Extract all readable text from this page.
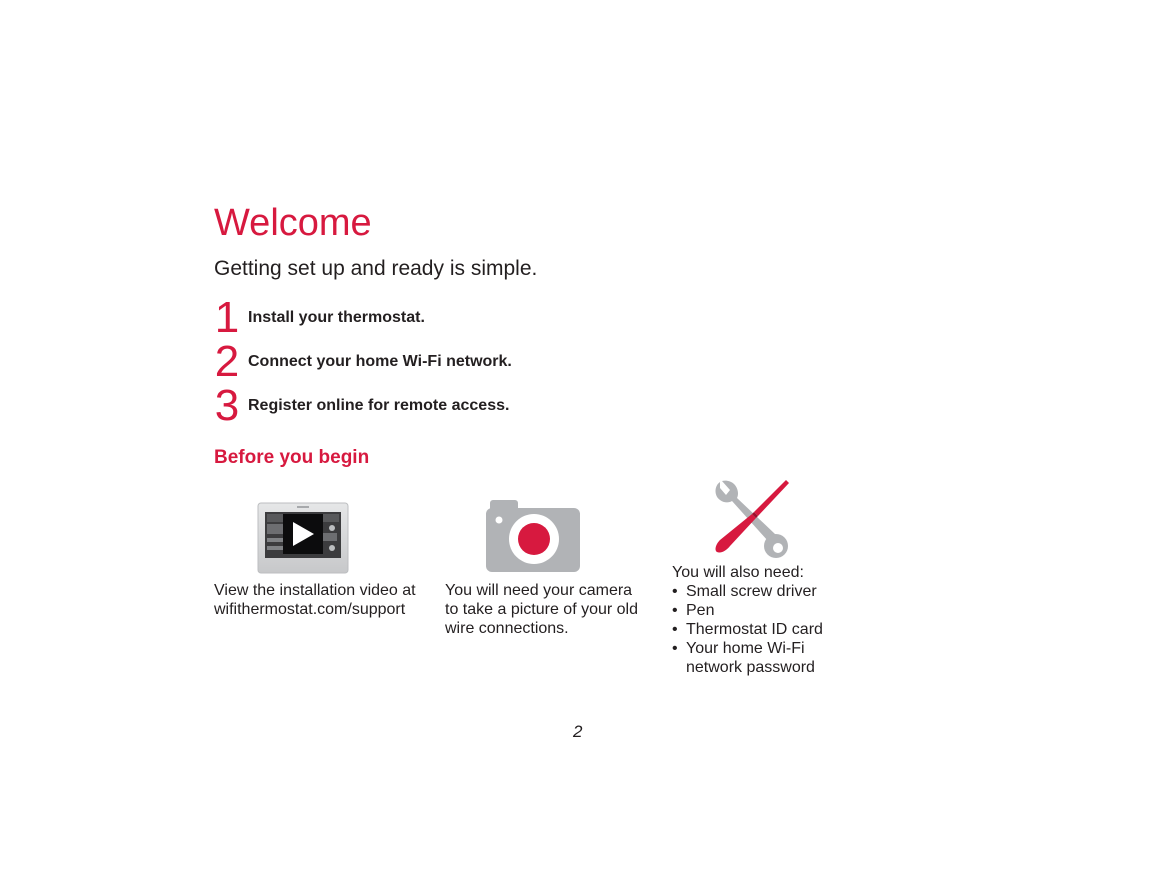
Welcome

Getting set up and ready is simple.

1 Install your thermostat.
2 Connect your home Wi-Fi network.
3 Register online for remote access.
Before you begin

View the installation video at
wifithermostat.com/support

You will need your camera
to take a picture of your old
wire connections.

You will also need:

• Small screw driver
• Pen
• Thermostat ID card
• Your home Wi-Fi network password
2
